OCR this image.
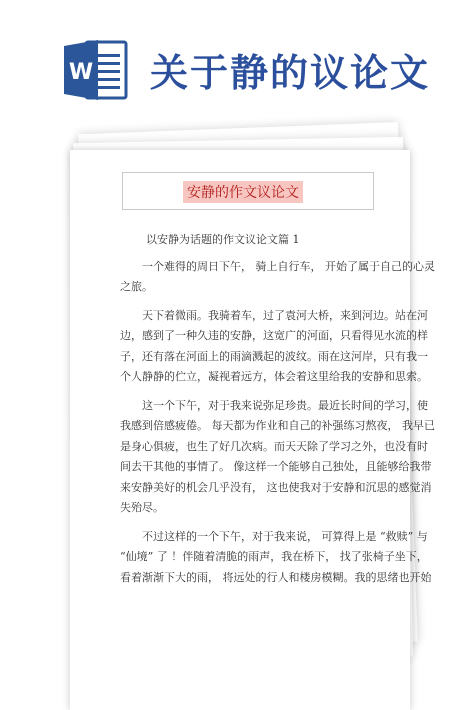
W 关于静的议论文
安静的作文议论文
以安静为话题的作文议论文篇 1

一个难得的周日下午， 骑上自行车， 开始了属于自己的心灵
之旅。

天下着微雨。我骑着车，过了袁河大桥，来到河边。站在河
边，感到了一种久违的安静，这宽广的河面，只看得见水流的样
子，还有落在河面上的雨滴溅起的波纹。雨在这河岸，只有我一
个人静静的伫立，凝视着远方，体会着这里给我的安静和思索。

这一个下午，对于我来说弥足珍贵。最近长时间的学习，使
我感到倍感疲倦。 每天都为作业和自己的补强练习熬夜， 我早已
是身心俱疲，也生了好几次病。而天天除了学习之外，也没有时
间去干其他的事情了。 像这样一个能够自己独处，且能够给我带
来安静美好的机会几乎没有， 这也使我对于安静和沉思的感觉消
失殆尽。

不过这样的一个下午，对于我来说， 可算得上是 “救赎” 与
“仙境” 了 ！伴随着清脆的雨声，我在桥下， 找了张椅子坐下，
看着渐渐下大的雨， 将远处的行人和楼房模糊。我的思绪也开始
